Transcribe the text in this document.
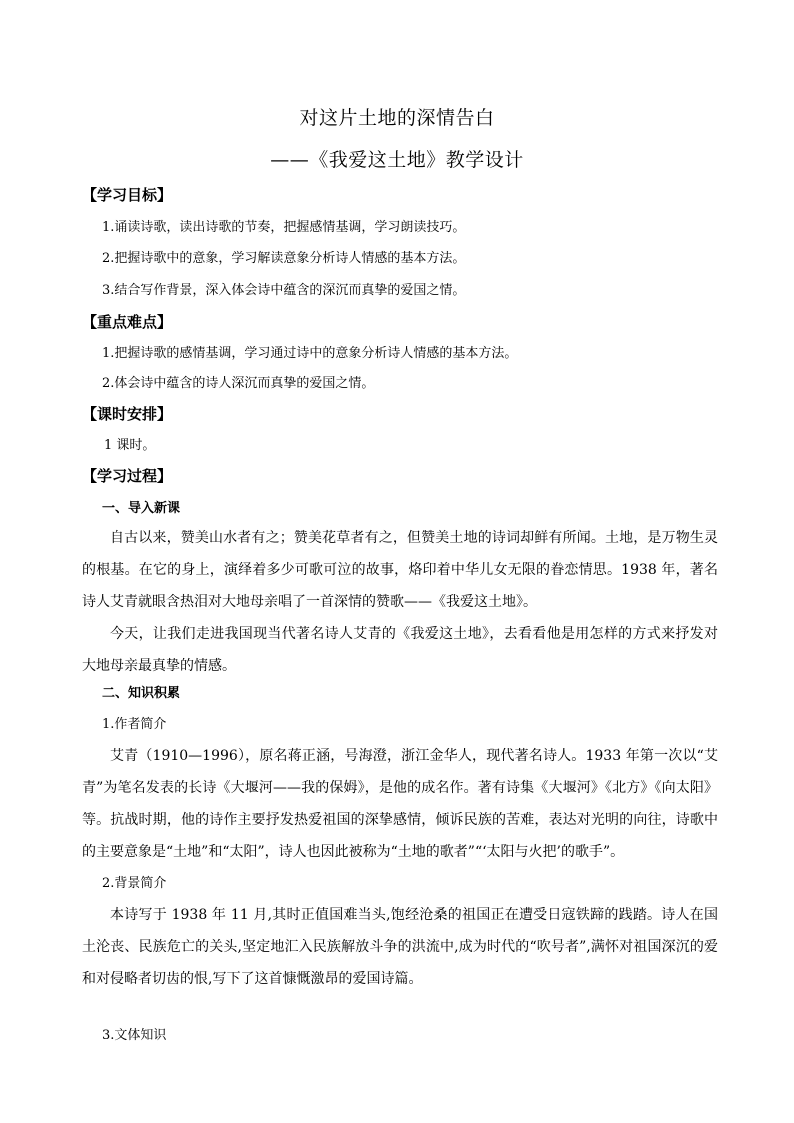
对这片土地的深情告白
——《我爱这土地》教学设计
【学习目标】
1.诵读诗歌，读出诗歌的节奏，把握感情基调，学习朗读技巧。
2.把握诗歌中的意象，学习解读意象分析诗人情感的基本方法。
3.结合写作背景，深入体会诗中蕴含的深沉而真挚的爱国之情。
【重点难点】
1.把握诗歌的感情基调，学习通过诗中的意象分析诗人情感的基本方法。
2.体会诗中蕴含的诗人深沉而真挚的爱国之情。
【课时安排】
1 课时。
【学习过程】
一、导入新课

自古以来，赞美山水者有之；赞美花草者有之，但赞美土地的诗词却鲜有所闻。土地，是万物生灵的根基。在它的身上，演绎着多少可歌可泣的故事，烙印着中华儿女无限的眷恋情思。1938 年，著名诗人艾青就眼含热泪对大地母亲唱了一首深情的赞歌——《我爱这土地》。

今天，让我们走进我国现当代著名诗人艾青的《我爱这土地》，去看看他是用怎样的方式来抒发对大地母亲最真挚的情感。

二、知识积累
1.作者简介

艾青（1910—1996），原名蒋正涵，号海澄，浙江金华人，现代著名诗人。1933 年第一次以“艾青”为笔名发表的长诗《大堰河——我的保姆》，是他的成名作。著有诗集《大堰河》《北方》《向太阳》等。抗战时期，他的诗作主要抒发热爱祖国的深挚感情，倾诉民族的苦难，表达对光明的向往，诗歌中的主要意象是“土地”和“太阳”，诗人也因此被称为“土地的歌者”“‘太阳与火把’的歌手”。

2.背景简介

本诗写于 1938 年 11 月,其时正值国难当头,饱经沧桑的祖国正在遭受日寇铁蹄的践踏。诗人在国土沦丧、民族危亡的关头,坚定地汇入民族解放斗争的洪流中,成为时代的“吹号者”,满怀对祖国深沉的爱和对侵略者切齿的恨,写下了这首慷慨激昂的爱国诗篇。

3.文体知识
